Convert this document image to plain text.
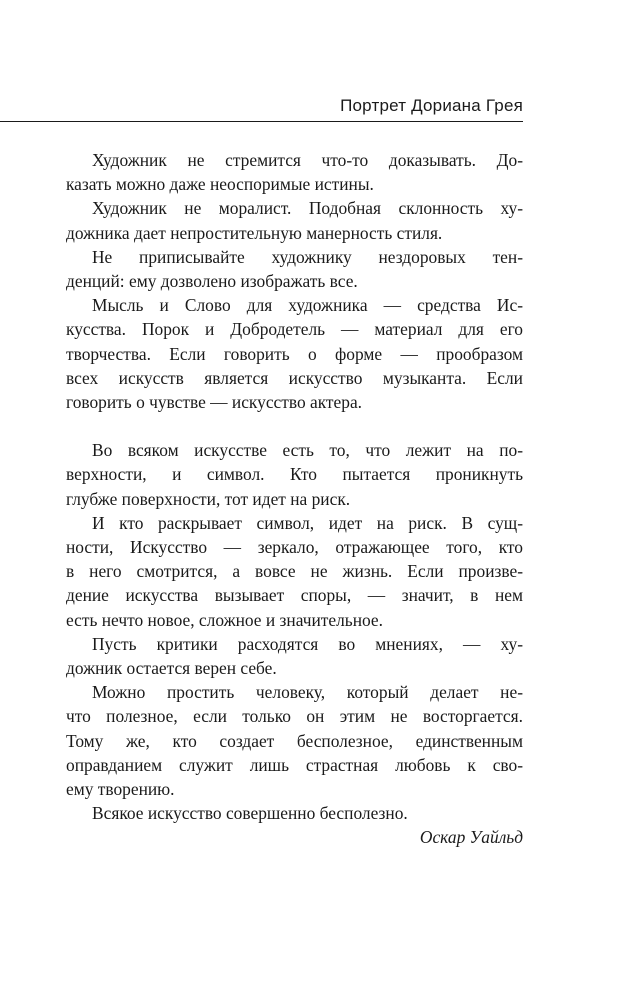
Портрет Дориана Грея
Художник не стремится что-то доказывать. До-
казать можно даже неоспоримые истины.
Художник не моралист. Подобная склонность ху-
дожника дает непростительную манерность стиля.
Не приписывайте художнику нездоровых тен-
денций: ему дозволено изображать все.
Мысль и Слово для художника — средства Ис-
кусства. Порок и Добродетель — материал для его
творчества. Если говорить о форме — прообразом
всех искусств является искусство музыканта. Если
говорить о чувстве — искусство актера.
Во всяком искусстве есть то, что лежит на по-
верхности, и символ. Кто пытается проникнуть
глубже поверхности, тот идет на риск.
И кто раскрывает символ, идет на риск. В сущ-
ности, Искусство — зеркало, отражающее того, кто
в него смотрится, а вовсе не жизнь. Если произве-
дение искусства вызывает споры, — значит, в нем
есть нечто новое, сложное и значительное.
Пусть критики расходятся во мнениях, — ху-
дожник остается верен себе.
Можно простить человеку, который делает не-
что полезное, если только он этим не восторгается.
Тому же, кто создает бесполезное, единственным
оправданием служит лишь страстная любовь к сво-
ему творению.
Всякое искусство совершенно бесполезно.
Оскар Уайльд
